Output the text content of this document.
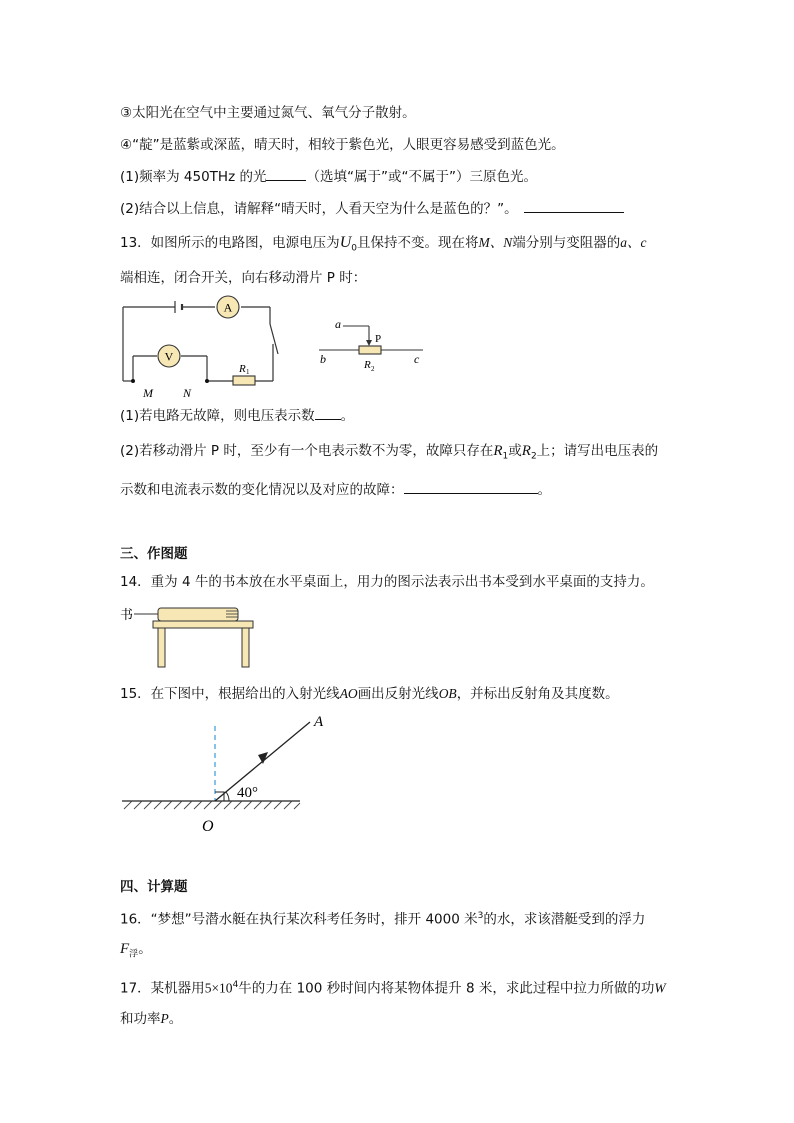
③太阳光在空气中主要通过氮气、氧气分子散射。
④“靛”是蓝紫或深蓝，晴天时，相较于紫色光，人眼更容易感受到蓝色光。
(1)频率为 450THz 的光	（选填“属于”或“不属于”）三原色光。
(2)结合以上信息，请解释“晴天时，人看天空为什么是蓝色的？”。
13．如图所示的电路图，电源电压为$U_0$且保持不变。现在将M、N端分别与变阻器的a、c
端相连，闭合开关，向右移动滑片 P 时：
A
V
R 1
M	N
a
P
b	R 2
c
(1)若电路无故障，则电压表示数 。
(2)若移动滑片 P 时，至少有一个电表示数不为零，故障只存在$R_1$或$R_2$上；请写出电压表的
示数和电流表示数的变化情况以及对应的故障：	。
三、作图题
14．重为 4 牛的书本放在水平桌面上，用力的图示法表示出书本受到水平桌面的支持力。
书
15．在下图中，根据给出的入射光线AO画出反射光线OB，并标出反射角及其度数。
40°
A
O
四、计算题
16．“梦想”号潜水艇在执行某次科考任务时，排开 4000 米$^3$的水，求该潜艇受到的浮力
$F_浮$。
17．某机器用$5\times 10^4$牛的力在 100 秒时间内将某物体提升 8 米，求此过程中拉力所做的功W
和功率P。
